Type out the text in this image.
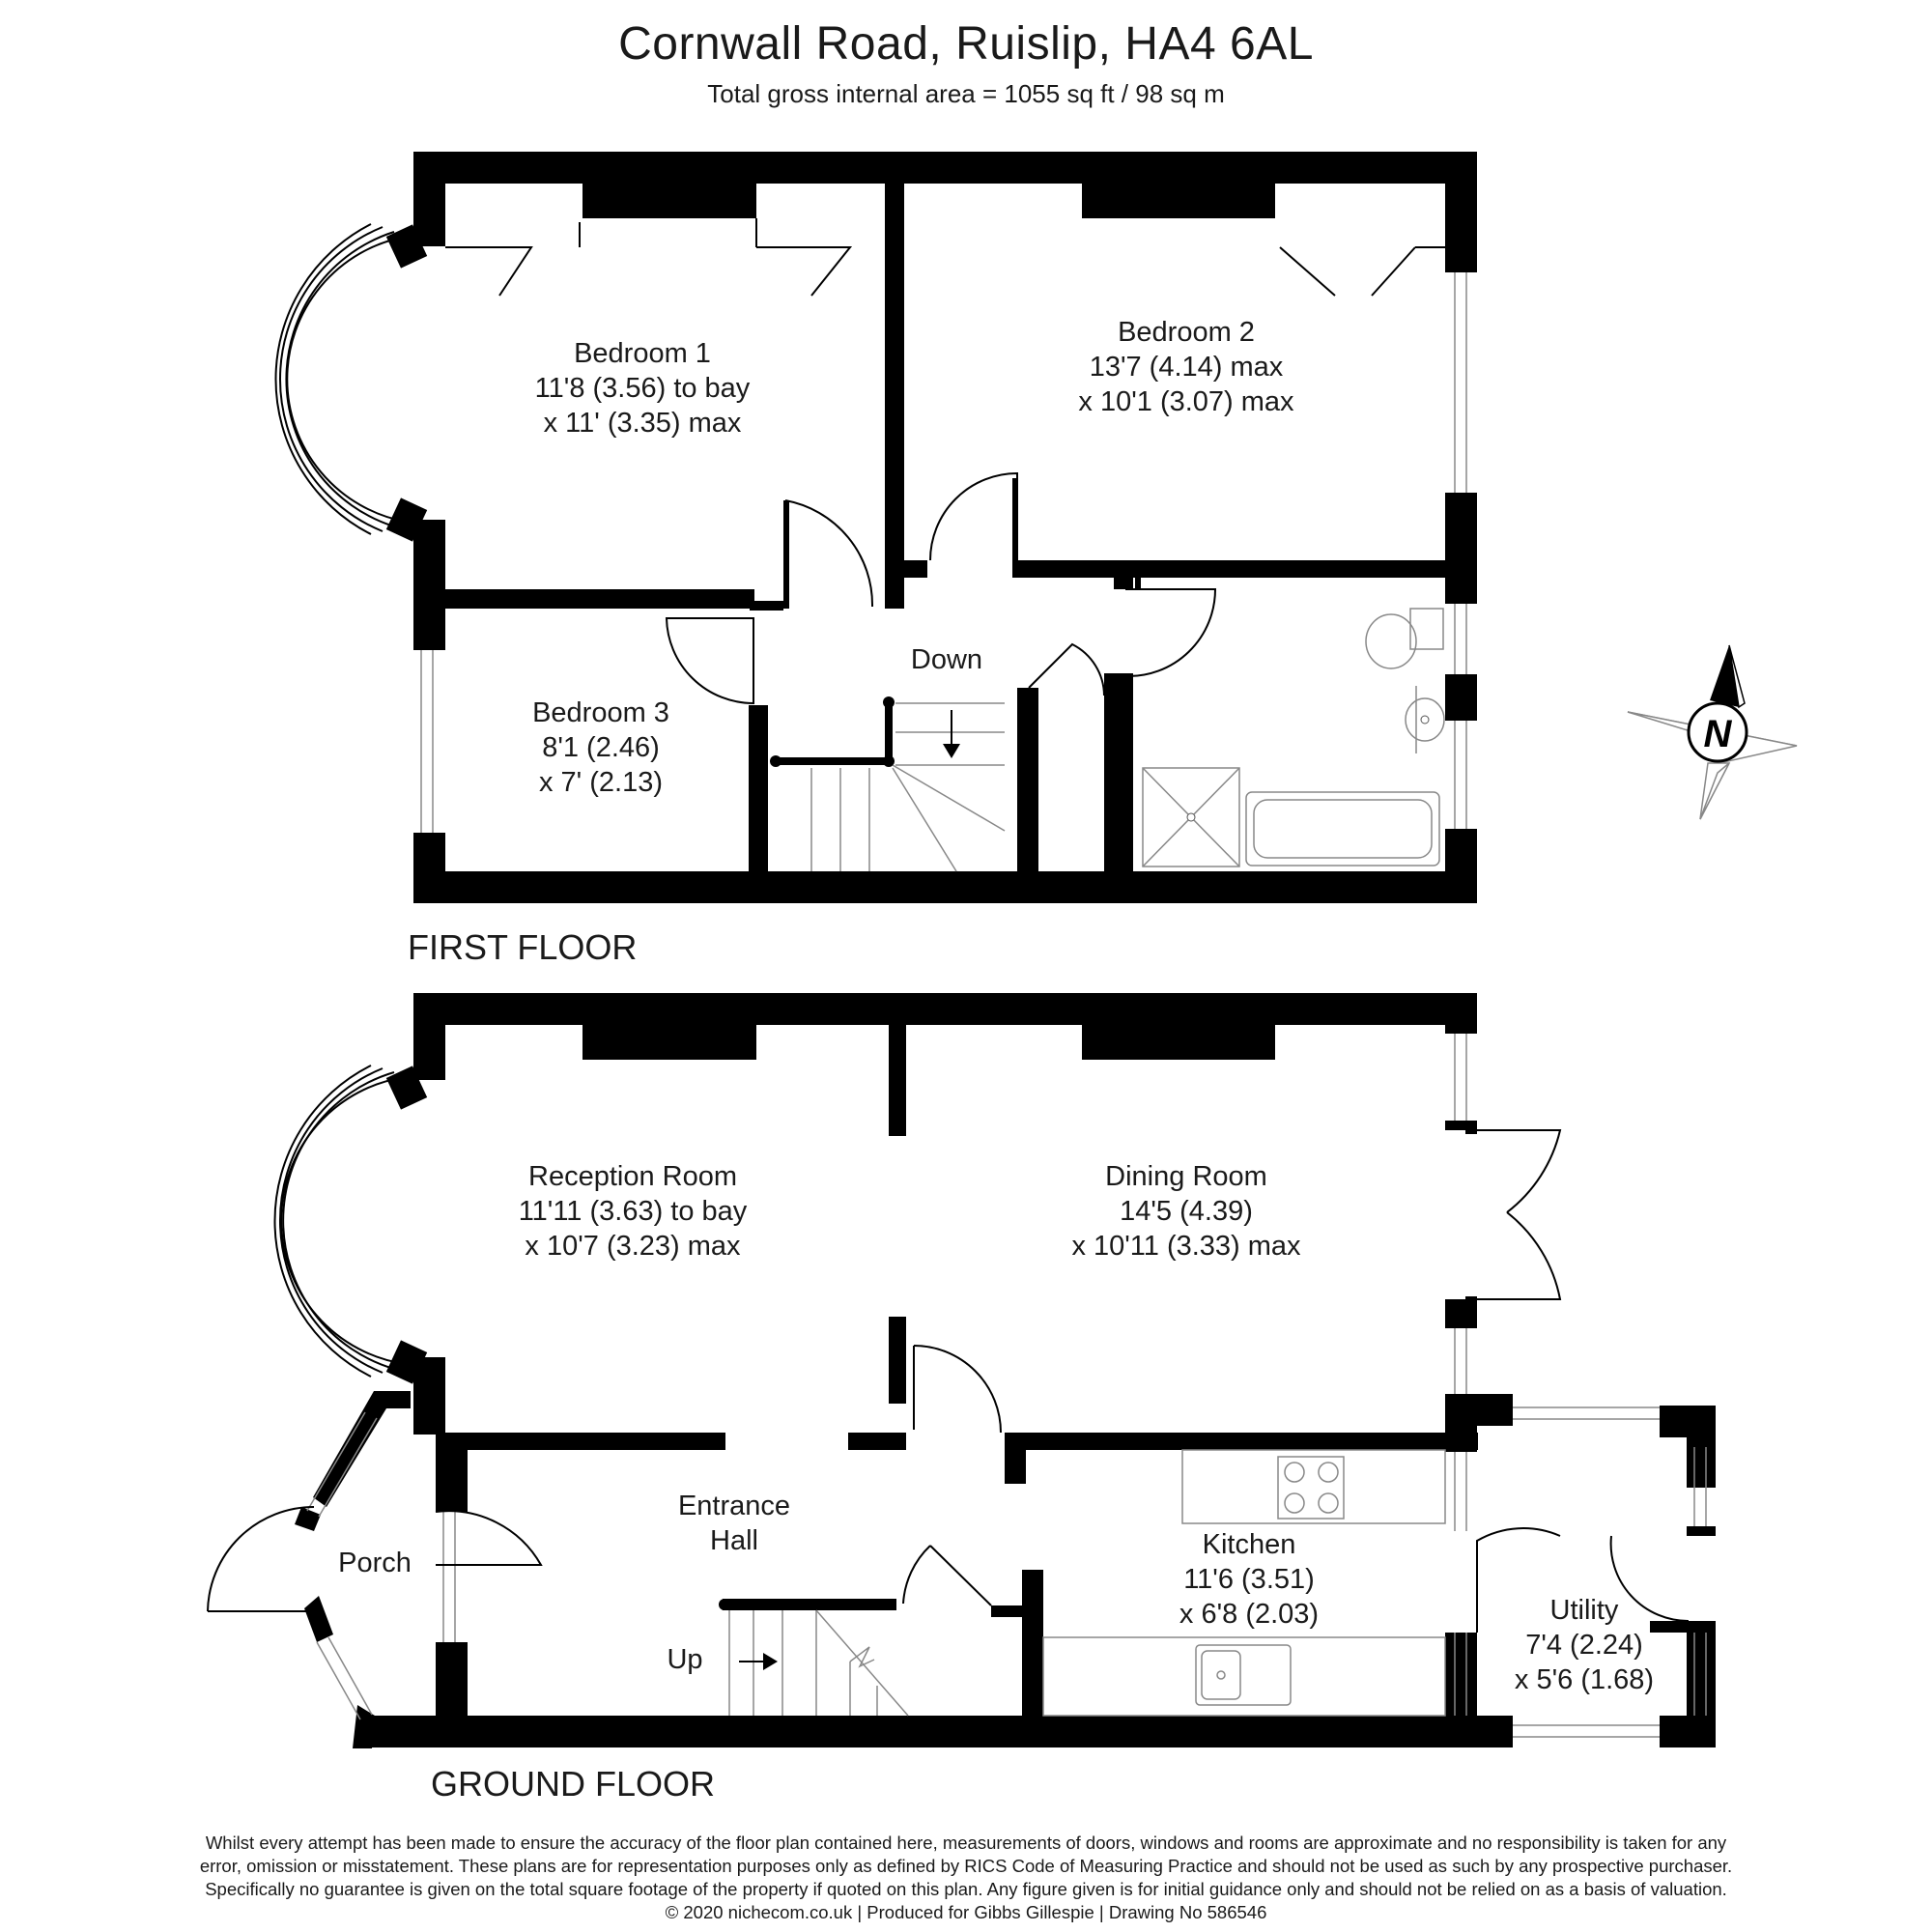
Cornwall Road, Ruislip, HA4 6AL
Total gross internal area = 1055 sq ft / 98 sq m
Bedroom 1
11'8 (3.56) to bay
x 11' (3.35) max
Bedroom 2
13'7 (4.14) max
x 10'1 (3.07) max
Bedroom 3
8'1 (2.46)
x 7' (2.13)
Down
FIRST FLOOR
Reception Room
11'11 (3.63) to bay
x 10'7 (3.23) max
Dining Room
14'5 (4.39)
x 10'11 (3.33) max
Entrance
Hall
Porch
Kitchen
11'6 (3.51)
x 6'8 (2.03)	Utility
7'4 (2.24)
x 5'6 (1.68)
Up
GROUND FLOOR
N
Whilst every attempt has been made to ensure the accuracy of the floor plan contained here, measurements of doors, windows and rooms are approximate and no responsibility is taken for any
error, omission or misstatement. These plans are for representation purposes only as defined by RICS Code of Measuring Practice and should not be used as such by any prospective purchaser.
Specifically no guarantee is given on the total square footage of the property if quoted on this plan. Any figure given is for initial guidance only and should not be relied on as a basis of valuation.
© 2020 nichecom.co.uk | Produced for Gibbs Gillespie | Drawing No 586546
